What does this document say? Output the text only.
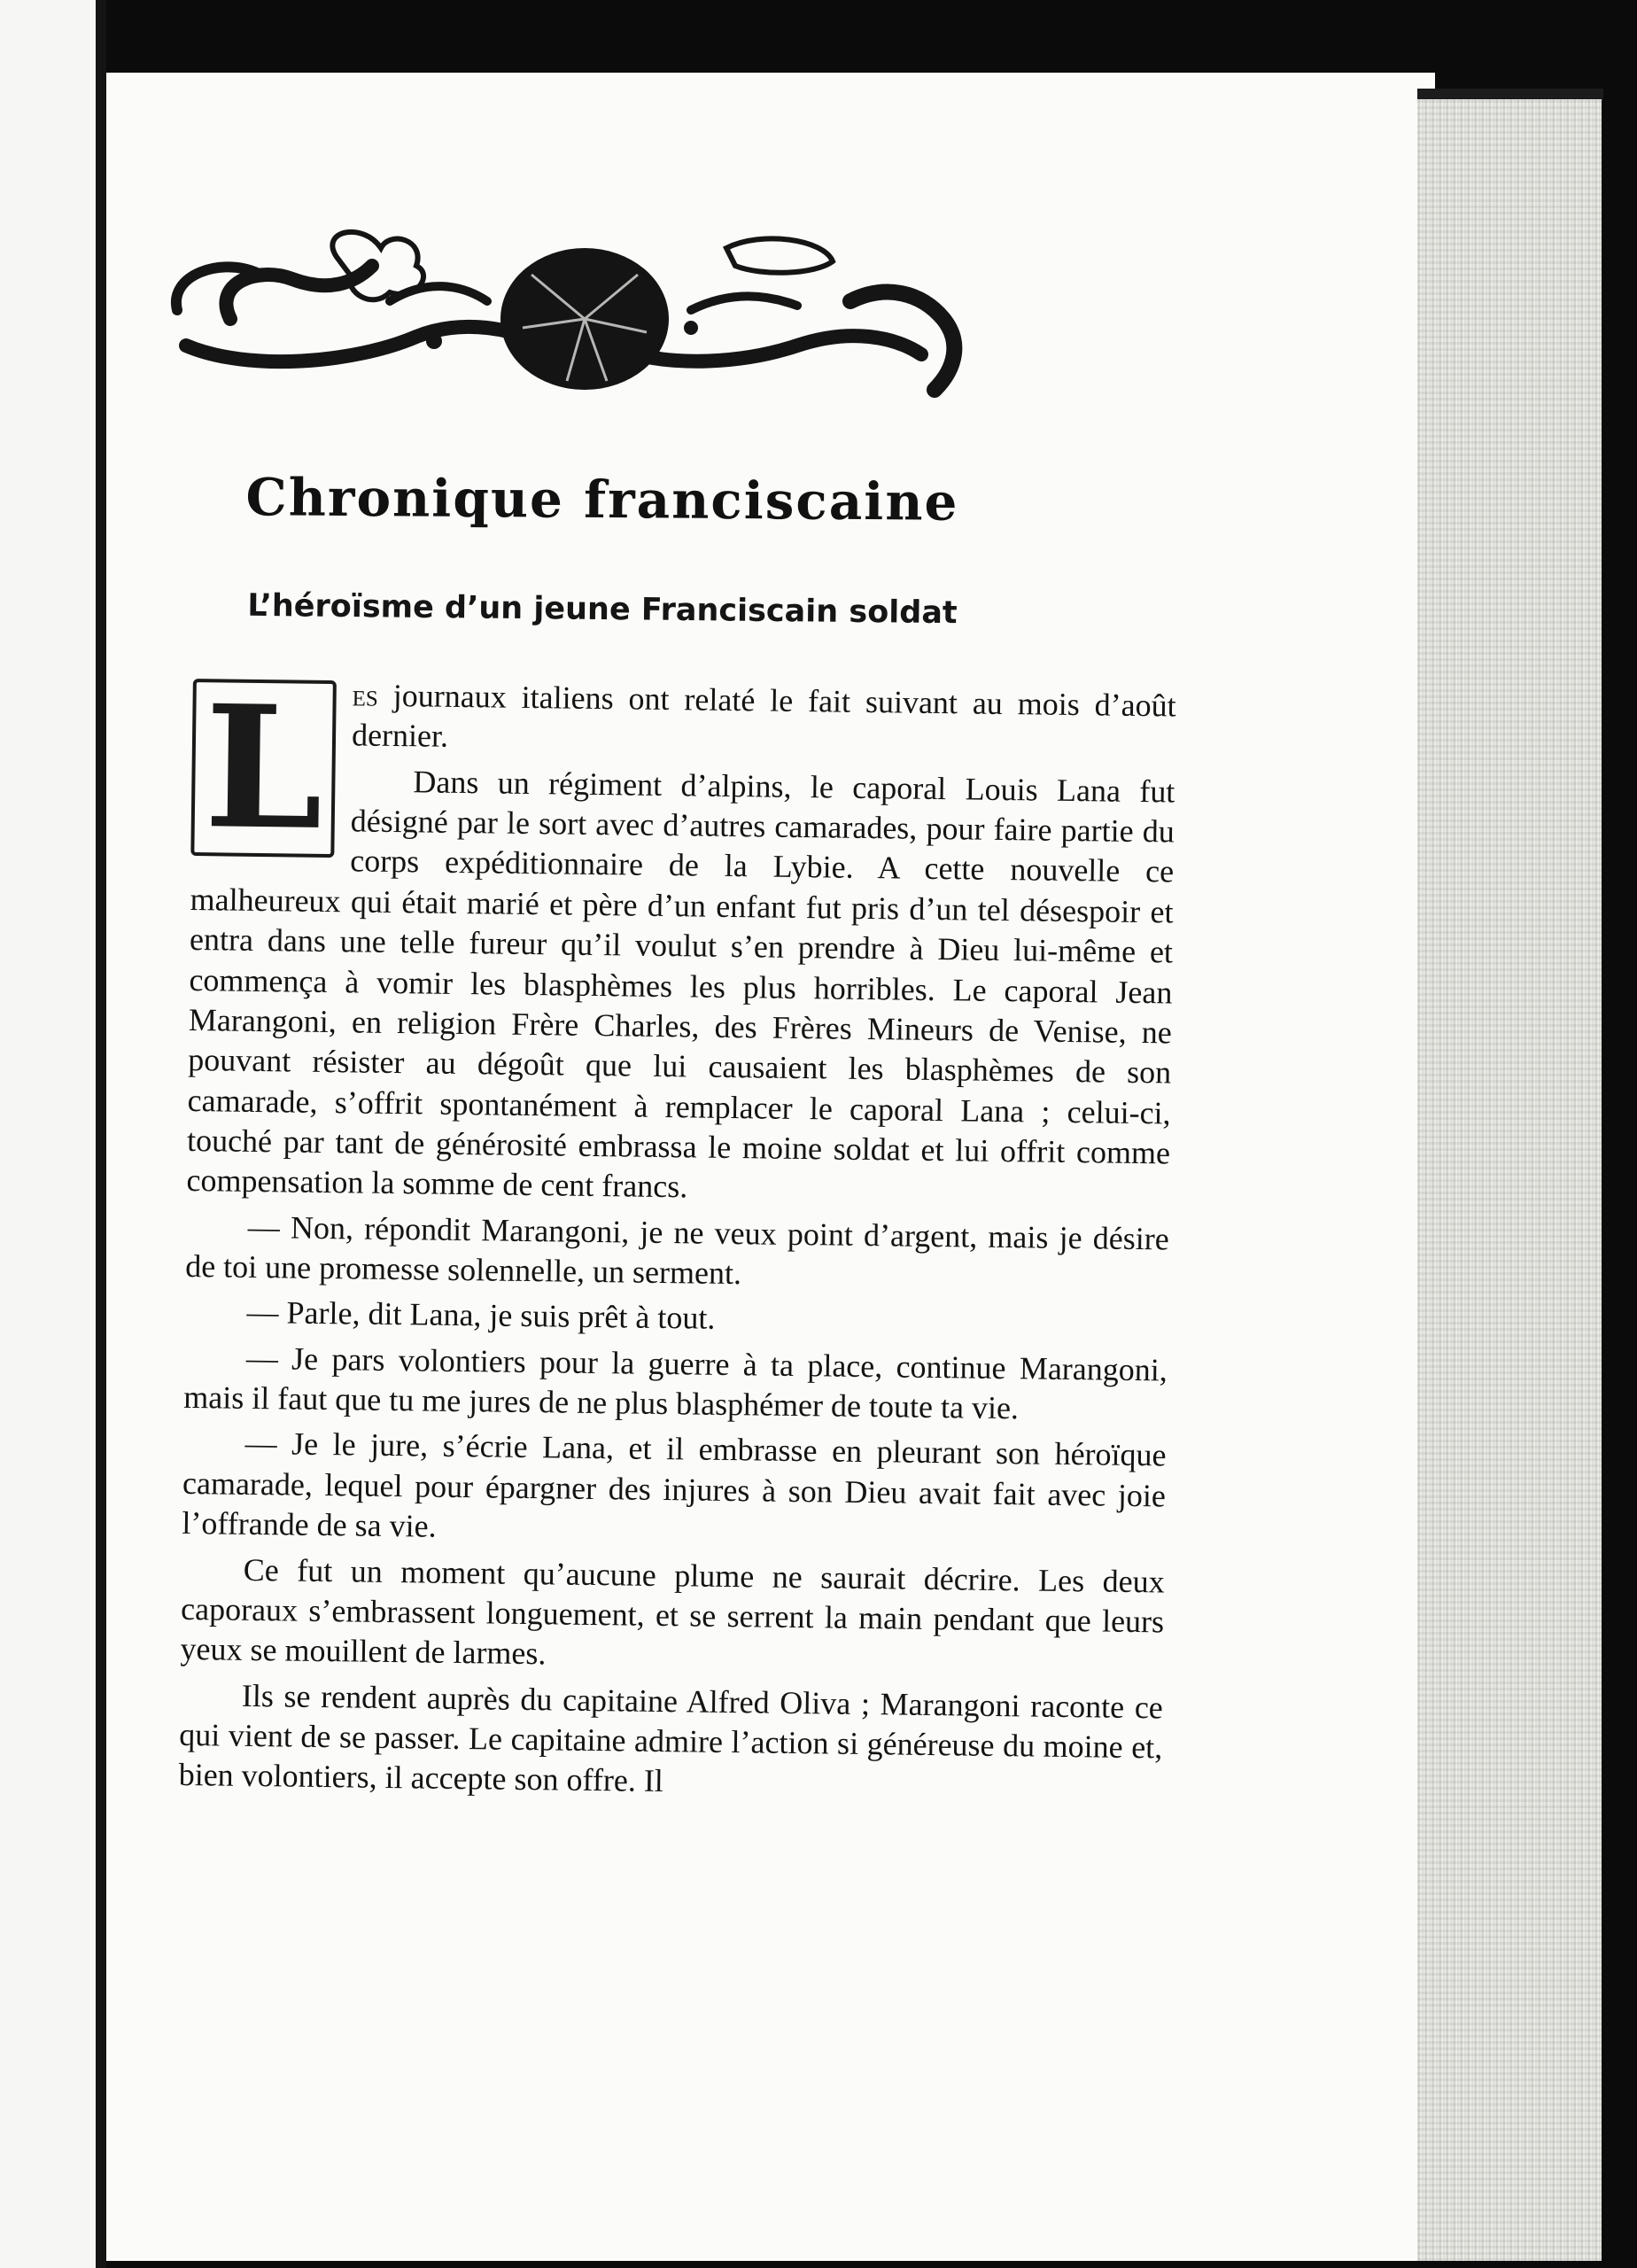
Chronique franciscaine
L’héroïsme d’un jeune Franciscain soldat

L es journaux italiens ont relaté le fait suivant au mois d’août dernier.

Dans un régiment d’alpins, le caporal Louis Lana fut désigné par le sort avec d’autres camarades, pour faire partie du corps expéditionnaire de la Lybie. A cette nouvelle ce malheureux qui était marié et père d’un enfant fut pris d’un tel désespoir et entra dans une telle fureur qu’il voulut s’en prendre à Dieu lui-même et commença à vomir les blasphèmes les plus horribles. Le caporal Jean Marangoni, en religion Frère Charles, des Frères Mineurs de Venise, ne pouvant résister au dégoût que lui causaient les blasphèmes de son camarade, s’offrit spontanément à remplacer le caporal Lana ; celui-ci, touché par tant de générosité embrassa le moine soldat et lui offrit comme compensation la somme de cent francs.

— Non, répondit Marangoni, je ne veux point d’argent, mais je désire de toi une promesse solennelle, un serment.

— Parle, dit Lana, je suis prêt à tout.

— Je pars volontiers pour la guerre à ta place, continue Marangoni, mais il faut que tu me jures de ne plus blasphémer de toute ta vie.

— Je le jure, s’écrie Lana, et il embrasse en pleurant son héroïque camarade, lequel pour épargner des injures à son Dieu avait fait avec joie l’offrande de sa vie.

Ce fut un moment qu’aucune plume ne saurait décrire. Les deux caporaux s’embrassent longuement, et se serrent la main pendant que leurs yeux se mouillent de larmes.

Ils se rendent auprès du capitaine Alfred Oliva ; Marangoni raconte ce qui vient de se passer. Le capitaine admire l’action si généreuse du moine et, bien volontiers, il accepte son offre. Il
